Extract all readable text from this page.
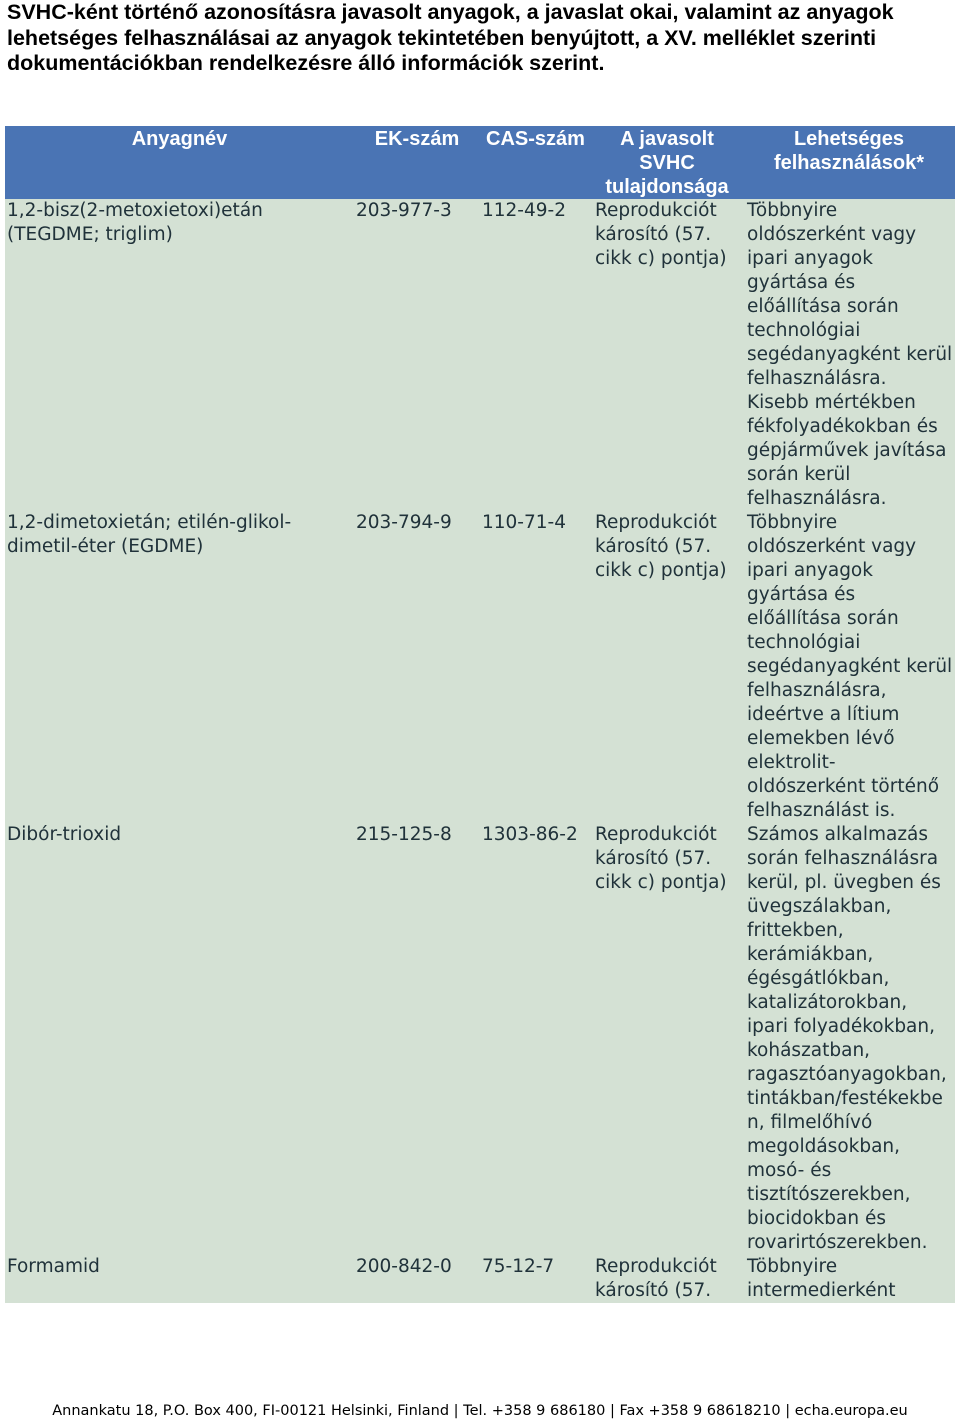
SVHC-ként történő azonosításra javasolt anyagok, a javaslat okai, valamint az anyagok lehetséges felhasználásai az anyagok tekintetében benyújtott, a XV. melléklet szerinti dokumentációkban rendelkezésre álló információk szerint.
Anyagnév	EK-szám	CAS-szám	A javasolt SVHC tulajdonsága	Lehetséges felhasználások*
1,2-bisz(2-metoxietoxi)etán (TEGDME; triglim)	203-977-3	112-49-2	Reprodukciót károsító (57. cikk c) pontja)	Többnyire oldószerként vagy ipari anyagok gyártása és előállítása során technológiai segédanyagként kerül felhasználásra. Kisebb mértékben fékfolyadékokban és gépjárművek javítása során kerül felhasználásra.
1,2-dimetoxietán; etilén-glikol-dimetil-éter (EGDME)	203-794-9	110-71-4	Reprodukciót károsító (57. cikk c) pontja)	Többnyire oldószerként vagy ipari anyagok gyártása és előállítása során technológiai segédanyagként kerül felhasználásra, ideértve a lítium elemekben lévő elektrolit-oldószerként történő felhasználást is.
Dibór-trioxid	215-125-8	1303-86-2	Reprodukciót károsító (57. cikk c) pontja)	Számos alkalmazás során felhasználásra kerül, pl. üvegben és üvegszálakban, frittekben, kerámiákban, égésgátlókban, katalizátorokban, ipari folyadékokban, kohászatban, ragasztóanyagokban, tintákban/festékekben, filmelőhívó megoldásokban, mosó- és tisztítószerekben, biocidokban és rovarirtószerekben.
Formamid	200-842-0	75-12-7	Reprodukciót károsító (57.	Többnyire intermedierként
Annankatu 18, P.O. Box 400, FI-00121 Helsinki, Finland | Tel. +358 9 686180 | Fax +358 9 68618210 | echa.europa.eu
